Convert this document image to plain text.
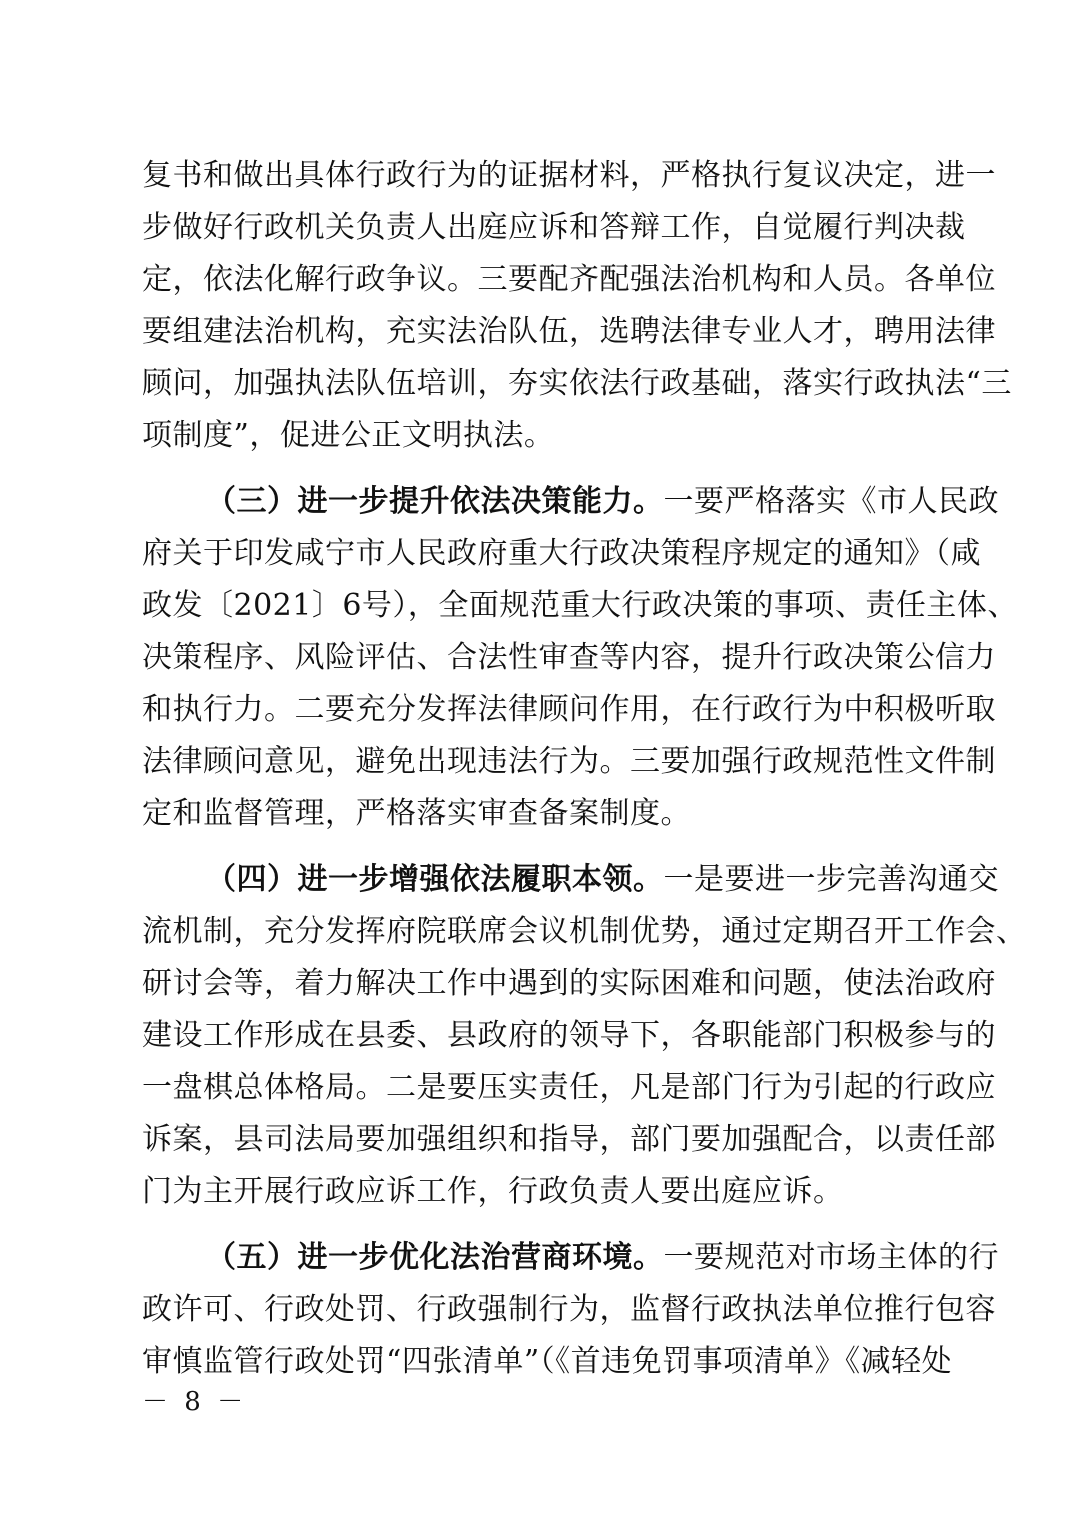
复书和做出具体行政行为的证据材料，严格执行复议决定，进一
步做好行政机关负责人出庭应诉和答辩工作，自觉履行判决裁
定，依法化解行政争议。三要配齐配强法治机构和人员。各单位
要组建法治机构，充实法治队伍，选聘法律专业人才，聘用法律
顾问，加强执法队伍培训，夯实依法行政基础，落实行政执法“三
项制度”，促进公正文明执法。
（三）进一步提升依法决策能力。一要严格落实《市人民政
府关于印发咸宁市人民政府重大行政决策程序规定的通知》（咸
政发〔2021〕6号），全面规范重大行政决策的事项、责任主体、
决策程序、风险评估、合法性审查等内容，提升行政决策公信力
和执行力。二要充分发挥法律顾问作用，在行政行为中积极听取
法律顾问意见，避免出现违法行为。三要加强行政规范性文件制
定和监督管理，严格落实审查备案制度。
（四）进一步增强依法履职本领。一是要进一步完善沟通交
流机制，充分发挥府院联席会议机制优势，通过定期召开工作会、
研讨会等，着力解决工作中遇到的实际困难和问题，使法治政府
建设工作形成在县委、县政府的领导下，各职能部门积极参与的
一盘棋总体格局。二是要压实责任，凡是部门行为引起的行政应
诉案，县司法局要加强组织和指导，部门要加强配合，以责任部
门为主开展行政应诉工作，行政负责人要出庭应诉。
（五）进一步优化法治营商环境。一要规范对市场主体的行
政许可、行政处罚、行政强制行为，监督行政执法单位推行包容
审慎监管行政处罚“四张清单”（《首违免罚事项清单》《减轻处
－ 8 －
